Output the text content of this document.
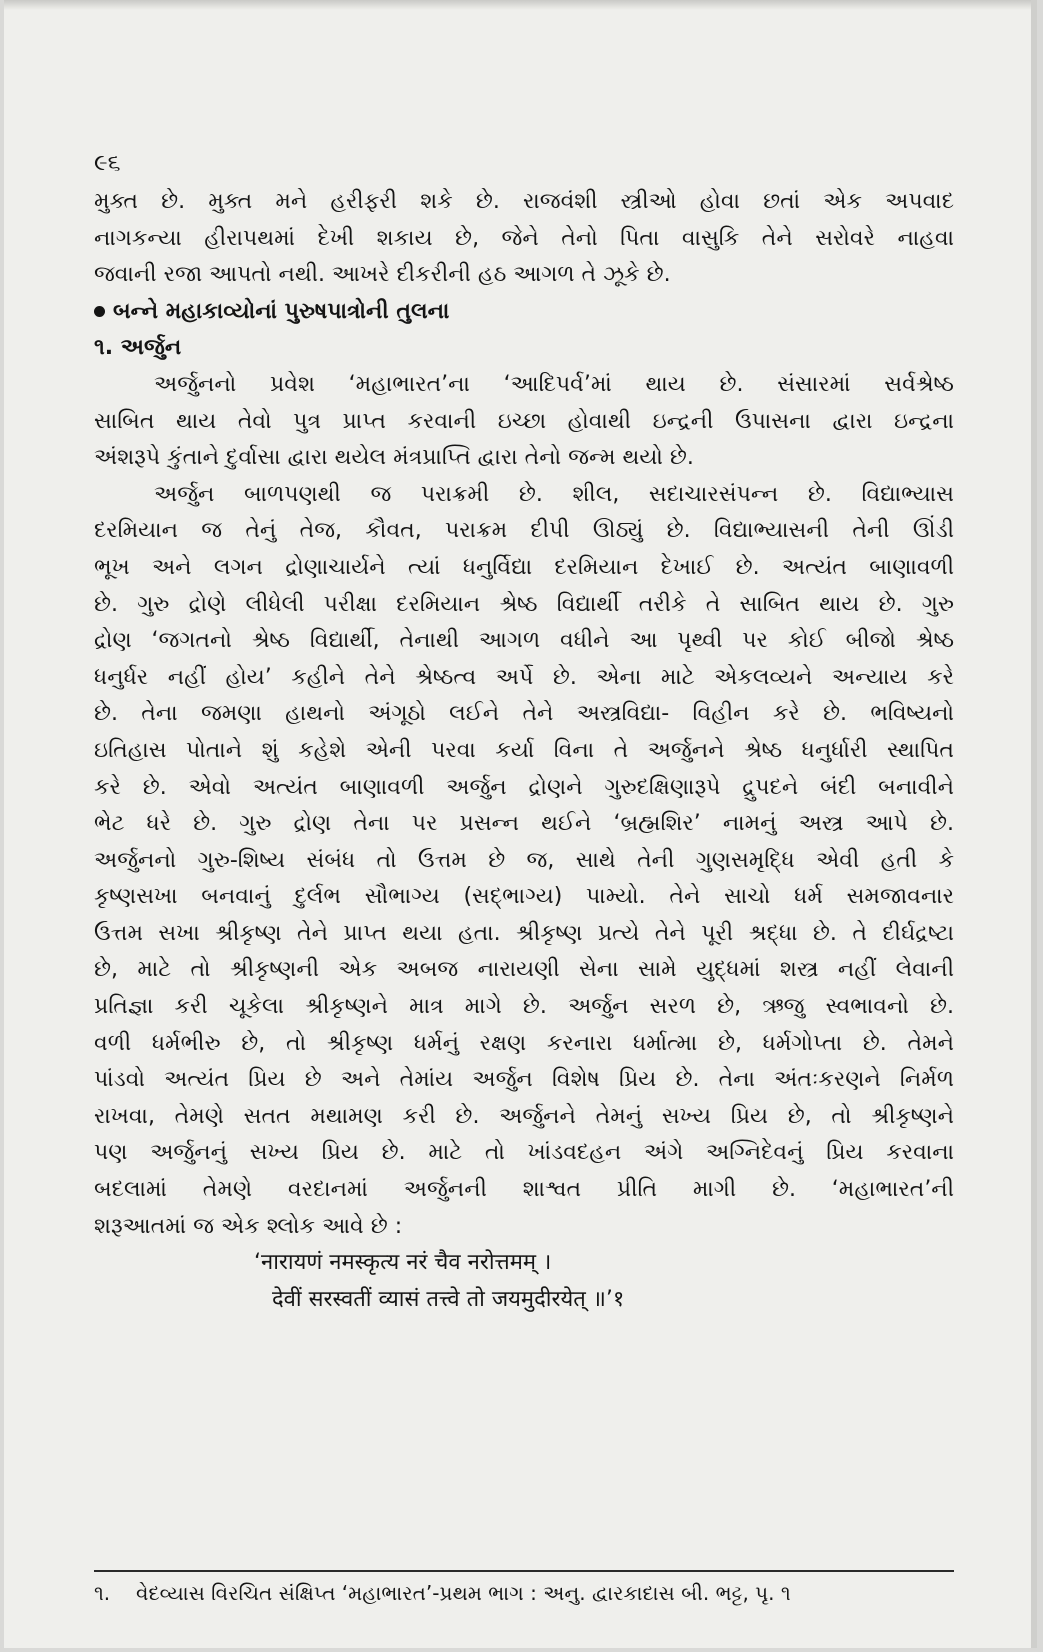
૯૬
મુક્ત છે. મુક્ત મને હરીફરી શકે છે. રાજવંશી સ્ત્રીઓ હોવા છતાં એક અપવાદ
નાગકન્યા હીરાપથમાં દેખી શકાય છે, જેને તેનો પિતા વાસુકિ તેને સરોવરે નાહવા
જવાની રજા આપતો નથી. આખરે દીકરીની હઠ આગળ તે ઝૂકે છે.
બન્ને મહાકાવ્યોનાં પુરુષપાત્રોની તુલના
૧. અર્જુન
અર્જુનનો પ્રવેશ ‘મહાભારત’ના ‘આદિપર્વ’માં થાય છે. સંસારમાં સર્વશ્રેષ્ઠ
સાબિત થાય તેવો પુત્ર પ્રાપ્ત કરવાની ઇચ્છા હોવાથી ઇન્દ્રની ઉપાસના દ્વારા ઇન્દ્રના
અંશરૂપે કુંતાને દુર્વાસા દ્વારા થયેલ મંત્રપ્રાપ્તિ દ્વારા તેનો જન્મ થયો છે.
અર્જુન બાળપણથી જ પરાક્રમી છે. શીલ, સદાચારસંપન્ન છે. વિદ્યાભ્યાસ
દરમિયાન જ તેનું તેજ, કૌવત, પરાક્રમ દીપી ઊઠ્યું છે. વિદ્યાભ્યાસની તેની ઊંડી
ભૂખ અને લગન દ્રોણાચાર્યને ત્યાં ધનુર્વિદ્યા દરમિયાન દેખાઈ છે. અત્યંત બાણાવળી
છે. ગુરુ દ્રોણે લીધેલી પરીક્ષા દરમિયાન શ્રેષ્ઠ વિદ્યાર્થી તરીકે તે સાબિત થાય છે. ગુરુ
દ્રોણ ‘જગતનો શ્રેષ્ઠ વિદ્યાર્થી, તેનાથી આગળ વધીને આ પૃથ્વી પર કોઈ બીજો શ્રેષ્ઠ
ધનુર્ધર નહીં હોય’ કહીને તેને શ્રેષ્ઠત્વ અર્પે છે. એના માટે એકલવ્યને અન્યાય કરે
છે. તેના જમણા હાથનો અંગૂઠો લઈને તેને અસ્ત્રવિદ્યા- વિહીન કરે છે. ભવિષ્યનો
ઇતિહાસ પોતાને શું કહેશે એની પરવા કર્યા વિના તે અર્જુનને શ્રેષ્ઠ ધનુર્ધારી સ્થાપિત
કરે છે. એવો અત્યંત બાણાવળી અર્જુન દ્રોણને ગુરુદક્ષિણારૂપે દ્રુપદને બંદી બનાવીને
ભેટ ધરે છે. ગુરુ દ્રોણ તેના પર પ્રસન્ન થઈને ‘બ્રહ્મશિર’ નામનું અસ્ત્ર આપે છે.
અર્જુનનો ગુરુ-શિષ્ય સંબંધ તો ઉત્તમ છે જ, સાથે તેની ગુણસમૃદ્ધિ એવી હતી કે
કૃષ્ણસખા બનવાનું દુર્લભ સૌભાગ્ય (સદ્‌ભાગ્ય) પામ્યો. તેને સાચો ધર્મ સમજાવનાર
ઉત્તમ સખા શ્રીકૃષ્ણ તેને પ્રાપ્ત થયા હતા. શ્રીકૃષ્ણ પ્રત્યે તેને પૂરી શ્રદ્ધા છે. તે દીર્ઘદ્રષ્ટા
છે, માટે તો શ્રીકૃષ્ણની એક અબજ નારાયણી સેના સામે યુદ્ધમાં શસ્ત્ર નહીં લેવાની
પ્રતિજ્ઞા કરી ચૂકેલા શ્રીકૃષ્ણને માત્ર માગે છે. અર્જુન સરળ છે, ઋજુ સ્વભાવનો છે.
વળી ધર્મભીરુ છે, તો શ્રીકૃષ્ણ ધર્મનું રક્ષણ કરનારા ધર્માત્મા છે, ધર્મગોપ્તા છે. તેમને
પાંડવો અત્યંત પ્રિય છે અને તેમાંય અર્જુન વિશેષ પ્રિય છે. તેના અંતઃકરણને નિર્મળ
રાખવા, તેમણે સતત મથામણ કરી છે. અર્જુનને તેમનું સખ્ય પ્રિય છે, તો શ્રીકૃષ્ણને
પણ અર્જુનનું સખ્ય પ્રિય છે. માટે તો ખાંડવદહન અંગે અગ્નિદેવનું પ્રિય કરવાના
બદલામાં તેમણે વરદાનમાં અર્જુનની શાશ્વત પ્રીતિ માગી છે. ‘મહાભારત’ની
શરૂઆતમાં જ એક શ્લોક આવે છે :
‘नारायणं नमस्कृत्य नरं चैव नरोत्तमम् ।
देवीं सरस्वतीं व्यासं तत्त्वे तो जयमुदीरयेत् ॥’१
૧. વેદવ્યાસ વિરચિત સંક્ષિપ્ત ‘મહાભારત’-પ્રથમ ભાગ : અનુ. દ્વારકાદાસ બી. ભટ્ટ, પૃ. ૧
